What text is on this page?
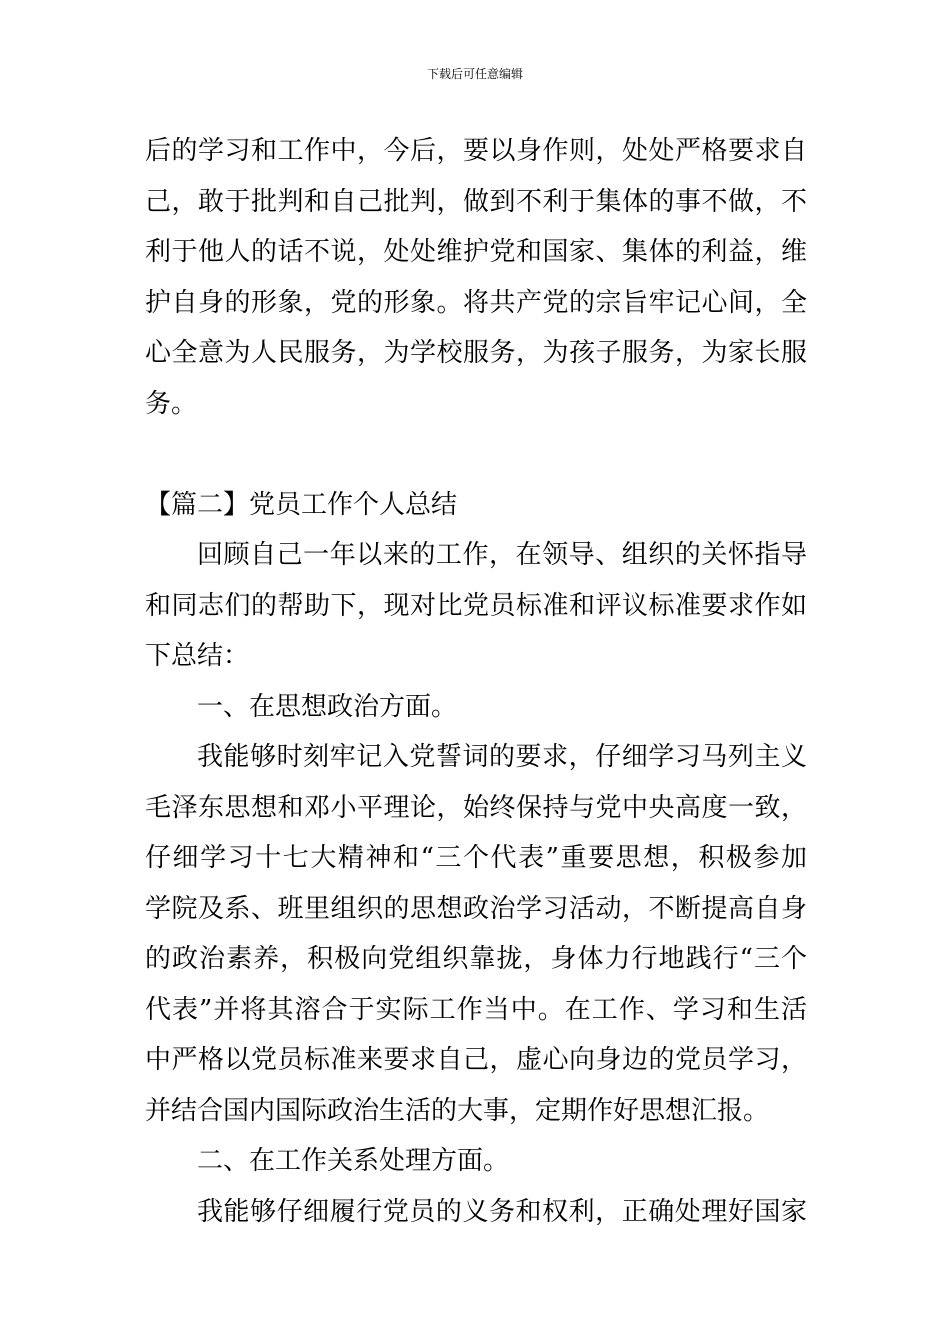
下载后可任意编辑
后的学习和工作中，今后，要以身作则，处处严格要求自
己，敢于批判和自己批判，做到不利于集体的事不做，不
利于他人的话不说，处处维护党和国家、集体的利益，维
护自身的形象，党的形象。将共产党的宗旨牢记心间，全
心全意为人民服务，为学校服务，为孩子服务，为家长服
务。
【篇二】党员工作个人总结
回顾自己一年以来的工作，在领导、组织的关怀指导
和同志们的帮助下，现对比党员标准和评议标准要求作如
下总结：
一、在思想政治方面。
我能够时刻牢记入党誓词的要求，仔细学习马列主义
毛泽东思想和邓小平理论，始终保持与党中央高度一致，
仔细学习十七大精神和“三个代表”重要思想，积极参加
学院及系、班里组织的思想政治学习活动，不断提高自身
的政治素养，积极向党组织靠拢，身体力行地践行“三个
代表”并将其溶合于实际工作当中。在工作、学习和生活
中严格以党员标准来要求自己，虚心向身边的党员学习，
并结合国内国际政治生活的大事，定期作好思想汇报。
二、在工作关系处理方面。
我能够仔细履行党员的义务和权利，正确处理好国家
